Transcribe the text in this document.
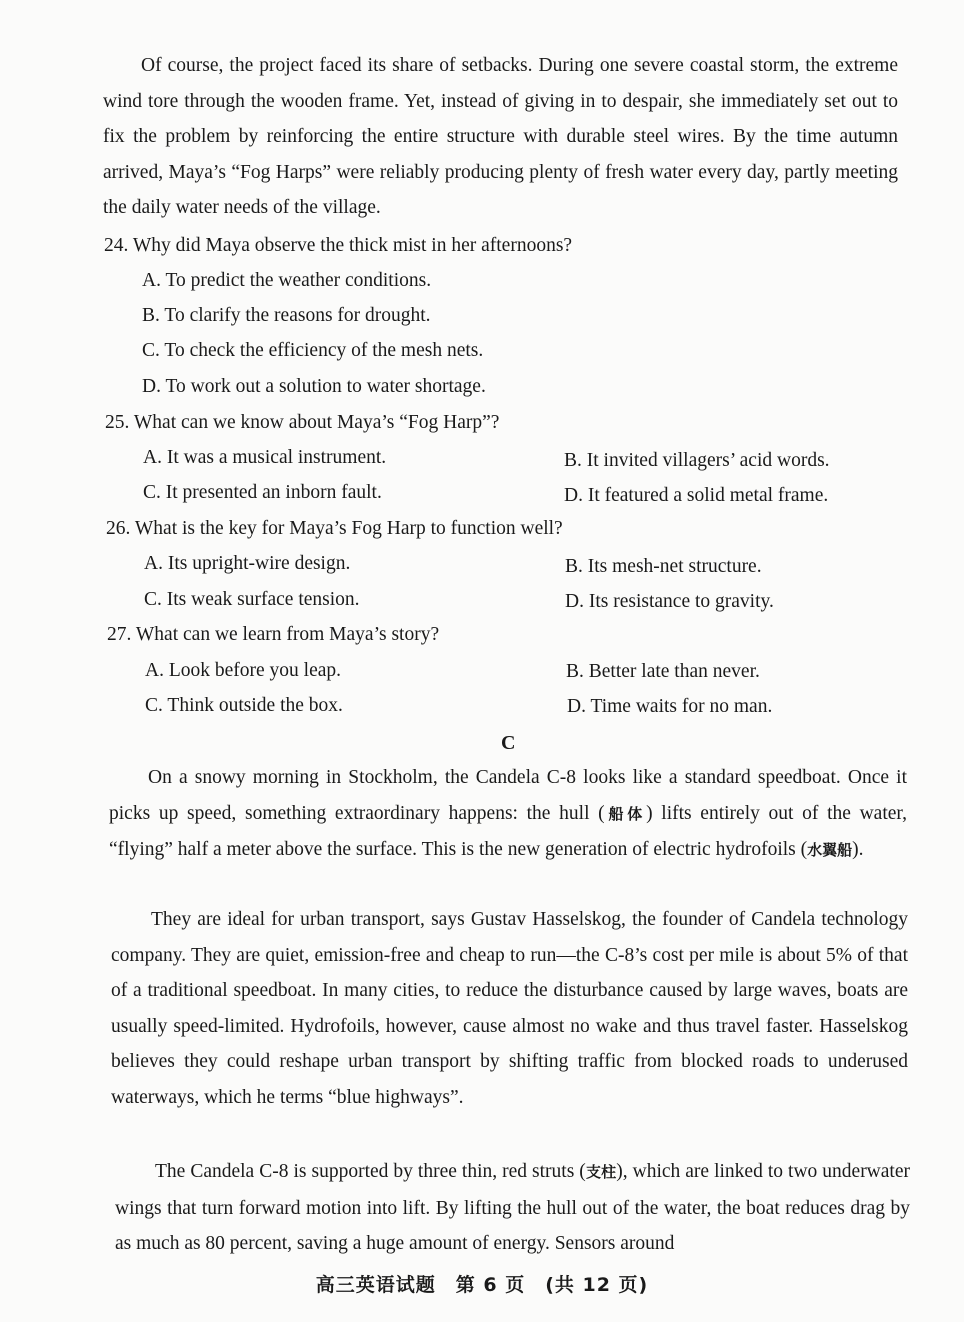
Of course, the project faced its share of setbacks. During one severe coastal storm, the extreme wind tore through the wooden frame. Yet, instead of giving in to despair, she immediately set out to fix the problem by reinforcing the entire structure with durable steel wires. By the time autumn arrived, Maya’s “Fog Harps” were reliably producing plenty of fresh water every day, partly meeting the daily water needs of the village.

24. Why did Maya observe the thick mist in her afternoons?
A. To predict the weather conditions.
B. To clarify the reasons for drought.
C. To check the efficiency of the mesh nets.
D. To work out a solution to water shortage.
25. What can we know about Maya’s “Fog Harp”?
A. It was a musical instrument.	B. It invited villagers’ acid words.
C. It presented an inborn fault.	D. It featured a solid metal frame.
26. What is the key for Maya’s Fog Harp to function well?
A. Its upright-wire design.	B. Its mesh-net structure.
C. Its weak surface tension.	D. Its resistance to gravity.
27. What can we learn from Maya’s story?
A. Look before you leap.	B. Better late than never.
C. Think outside the box.	D. Time waits for no man.
C

On a snowy morning in Stockholm, the Candela C-8 looks like a standard speedboat. Once it picks up speed, something extraordinary happens: the hull (船体) lifts entirely out of the water, “flying” half a meter above the surface. This is the new generation of electric hydrofoils (水翼船).

They are ideal for urban transport, says Gustav Hasselskog, the founder of Candela technology company. They are quiet, emission-free and cheap to run—the C-8’s cost per mile is about 5% of that of a traditional speedboat. In many cities, to reduce the disturbance caused by large waves, boats are usually speed-limited. Hydrofoils, however, cause almost no wake and thus travel faster. Hasselskog believes they could reshape urban transport by shifting traffic from blocked roads to underused waterways, which he terms “blue highways”.

The Candela C-8 is supported by three thin, red struts (支柱), which are linked to two underwater wings that turn forward motion into lift. By lifting the hull out of the water, the boat reduces drag by as much as 80 percent, saving a huge amount of energy. Sensors around

高三英语试题　第 6 页　(共 12 页)
